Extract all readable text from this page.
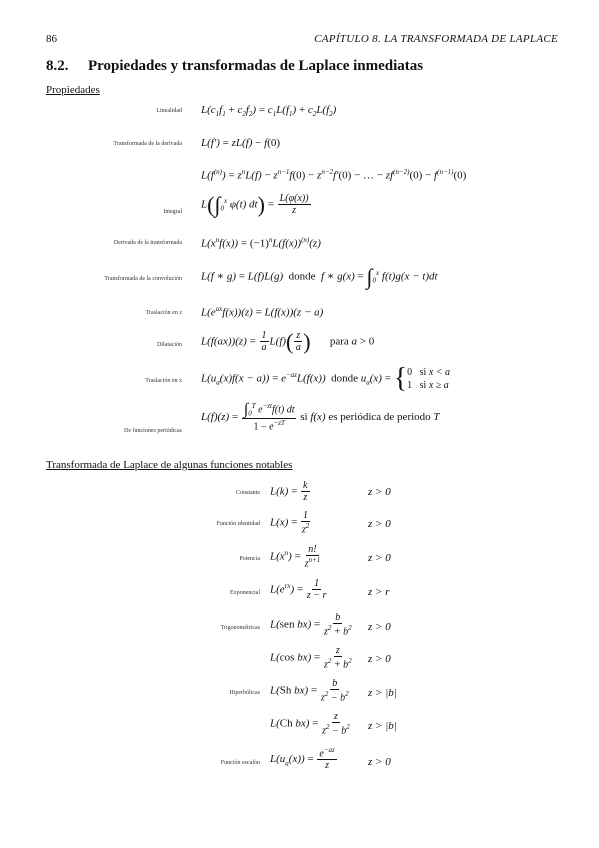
86	CAPÍTULO 8. LA TRANSFORMADA DE LAPLACE
8.2. Propiedades y transformadas de Laplace inmediatas
Propiedades
Linealidad $L(c_1f_1 + c_2f_2) = c_1L(f_1) + c_2L(f_2)$
Transformada de la derivada L(f′) = zL(f) − f(0)
$L(f^{(n)}) = z^nL(f) - z^{n-1}f(0) - z^{n-2}f'(0)$ − … − $zf^{(n-2)}(0) - f^{(n-1)}(0)$
Integral
$L(\int_0^x$ φ(t) $dt) = \frac{L(\varphi(x))}{z}$
Derivada de la transformada $L(x^nf(x)) = (-1)^nL(f(x))^{(n)}(z)$
Transformada de la convolución L(f ∗ g) = L(f)L(g)  donde  f ∗ $g(x) = \int_0^x$ f(t)g(x − t)dt
Traslación en z $L(e^{ax}f(x))(z) = L(f(x))(z - a)$
Dilatación $L(f(ax))(z) = \frac{1}{a} L(f)( \frac{z}{a}$ ) para a > 0
Traslación en x $L(u_a(x)f(x - a)) = e^{-az}L(f(x))$  donde $u_a(x)$ = { 0 si x < a
1 si x ≥ a
De funciones periódicas
$L(f)(z) = \frac{\int_0^T e^{-zt}f(t) dt}{1 - e^{-zT}}$ si f(x) es periódica de periodo T
Transformada de Laplace de algunas funciones notables
Constante $L(k) = \frac{k}{z}$	z > 0
Función identidad $L(x) = \frac{1}{z^2}$	z > 0
Potencia $L(x^n) = \frac{n!}{z^{n+1}}$	z > 0
Exponencial $L(e^{rx}) = \frac{1}{z - r}$	z > r
Trigonométricas L(sen $bx) = \frac{b}{z^2 + b^2}$ z > 0
L(cos $bx) = \frac{z}{z^2 + b^2}$ z > 0
Hiperbólicas L(Sh $bx) = \frac{b}{z^2 - b^2}$ z > |b|
L(Ch $bx) = \frac{z}{z^2 - b^2}$ z > |b|
Función escalón $L(u_a(x)) = \frac{e^{-az}}{z}$	z > 0
